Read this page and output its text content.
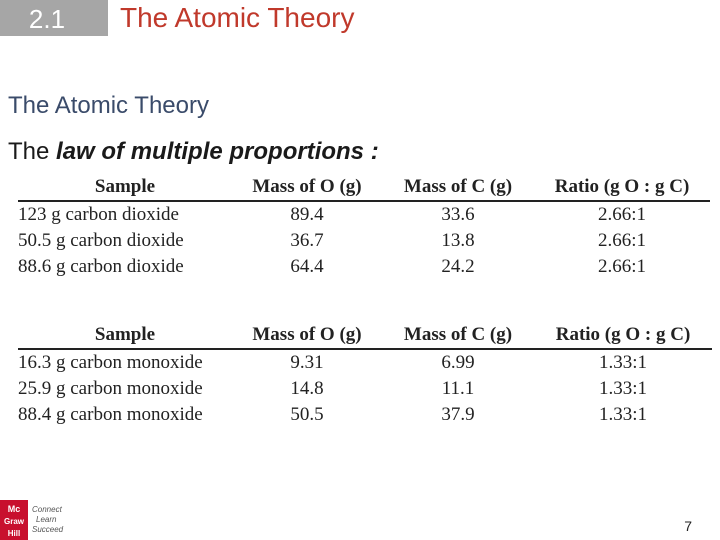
2.1	The Atomic Theory
The Atomic Theory
The law of multiple proportions :
Sample	Mass of O (g)	Mass of C (g)	Ratio (g O : g C)
123 g carbon dioxide	89.4	33.6	2.66:1
50.5 g carbon dioxide	36.7	13.8	2.66:1
88.6 g carbon dioxide	64.4	24.2	2.66:1
Sample	Mass of O (g)	Mass of C (g)	Ratio (g O : g C)
16.3 g carbon monoxide	9.31	6.99	1.33:1
25.9 g carbon monoxide	14.8	11.1	1.33:1
88.4 g carbon monoxide	50.5	37.9	1.33:1
Mc
Graw
Hill
Connect
Learn
Succeed	7
